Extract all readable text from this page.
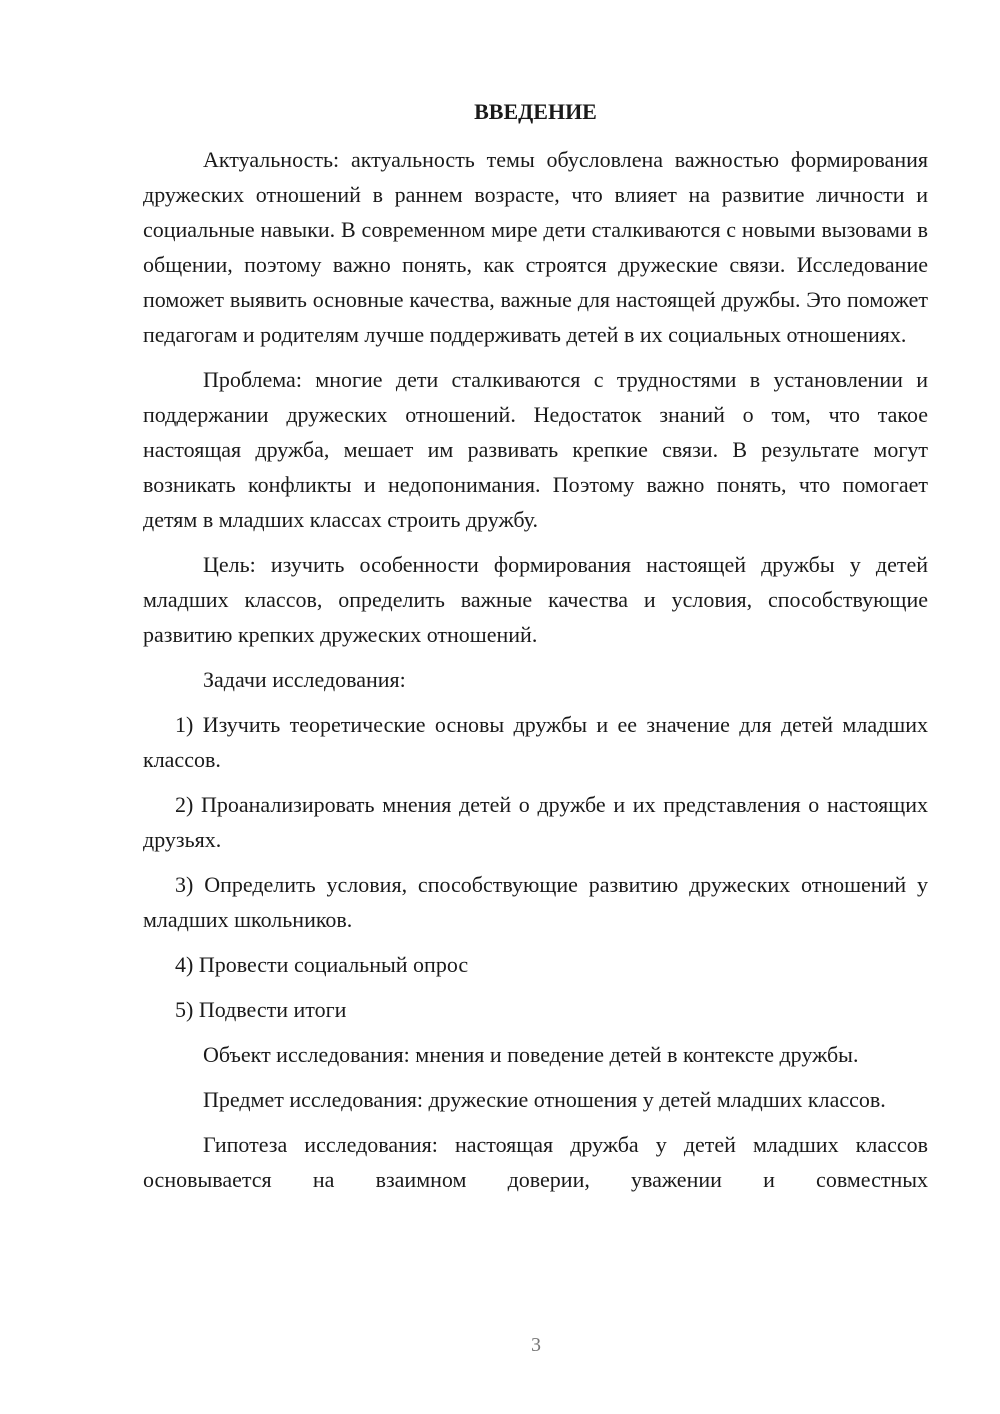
ВВЕДЕНИЕ

Актуальность: актуальность темы обусловлена важностью формирования дружеских отношений в раннем возрасте, что влияет на развитие личности и социальные навыки. В современном мире дети сталкиваются с новыми вызовами в общении, поэтому важно понять, как строятся дружеские связи. Исследование поможет выявить основные качества, важные для настоящей дружбы. Это поможет педагогам и родителям лучше поддерживать детей в их социальных отношениях.

Проблема: многие дети сталкиваются с трудностями в установлении и поддержании дружеских отношений. Недостаток знаний о том, что такое настоящая дружба, мешает им развивать крепкие связи. В результате могут возникать конфликты и недопонимания. Поэтому важно понять, что помогает детям в младших классах строить дружбу.

Цель: изучить особенности формирования настоящей дружбы у детей младших классов, определить важные качества и условия, способствующие развитию крепких дружеских отношений.

Задачи исследования:

1) Изучить теоретические основы дружбы и ее значение для детей младших классов.

2) Проанализировать мнения детей о дружбе и их представления о настоящих друзьях.

3) Определить условия, способствующие развитию дружеских отношений у младших школьников.

4) Провести социальный опрос

5) Подвести итоги

Объект исследования: мнения и поведение детей в контексте дружбы.

Предмет исследования: дружеские отношения у детей младших классов.

Гипотеза исследования: настоящая дружба у детей младших классов основывается на взаимном доверии, уважении и совместных

3
